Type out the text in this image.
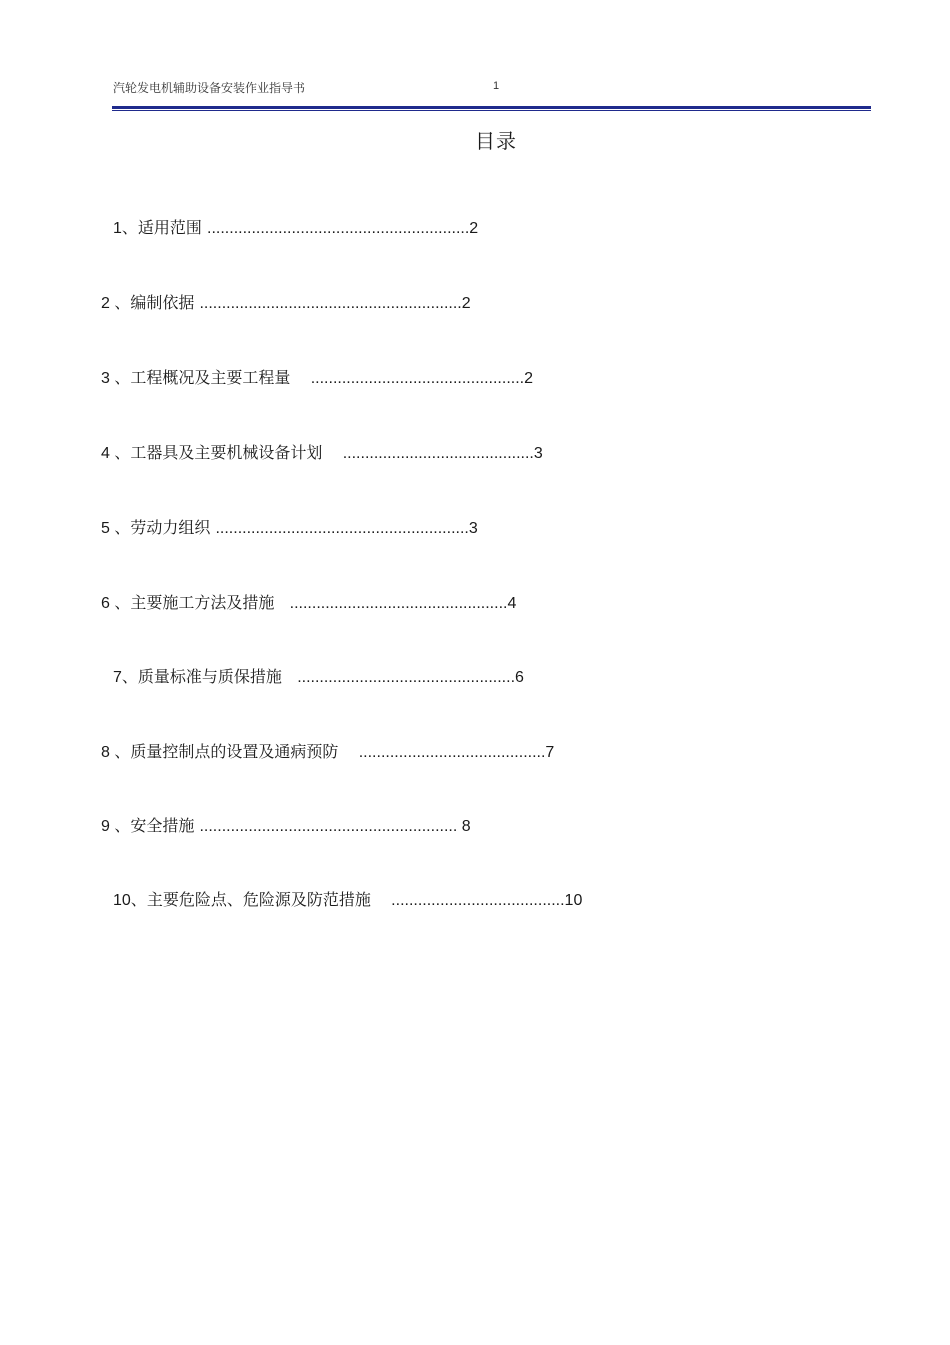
汽轮发电机辅助设备安装作业指导书	1
目录
1、适用范围 ...........................................................2
2 、编制依据 ...........................................................2
3 、工程概况及主要工程量 ................................................2
4 、工器具及主要机械设备计划 ...........................................3
5 、劳动力组织 .........................................................3
6 、主要施工方法及措施 .................................................4
7、质量标准与质保措施 .................................................6
8 、质量控制点的设置及通病预防 ..........................................7
9 、安全措施 .......................................................... 8
10、主要危险点、危险源及防范措施 .......................................10
